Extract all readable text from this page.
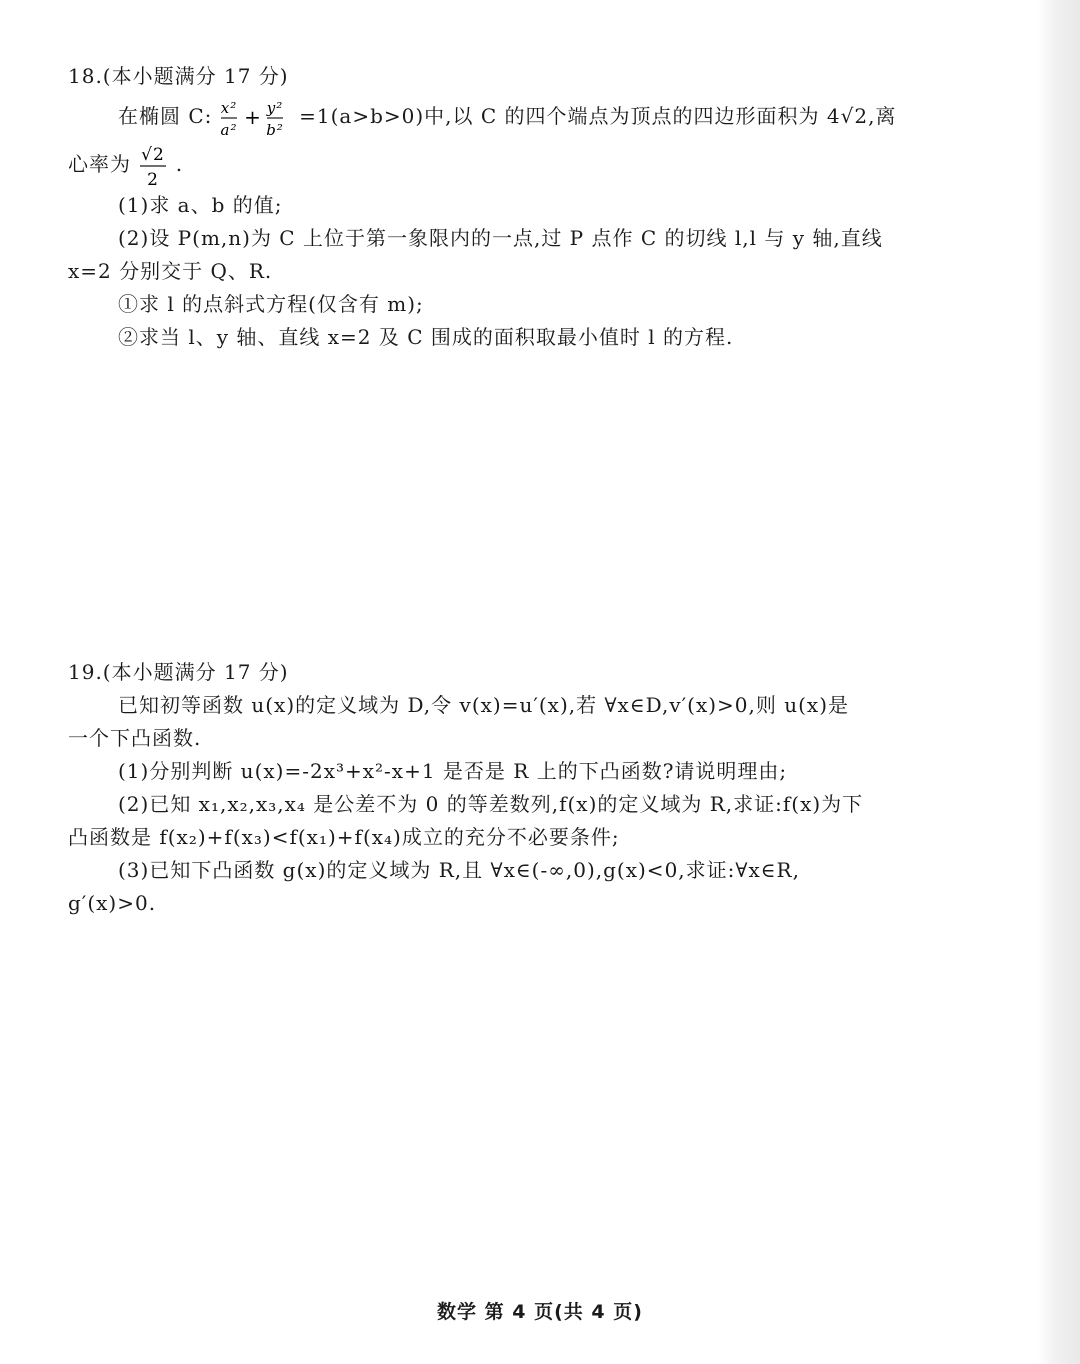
18.(本小题满分 17 分)
在椭圆 C: x²
a²
+ y²
b²
=1(a>b>0)中,以 C 的四个端点为顶点的四边形面积为 4√2,离
心率为 √2
2
.
(1)求 a、b 的值;
(2)设 P(m,n)为 C 上位于第一象限内的一点,过 P 点作 C 的切线 l,l 与 y 轴,直线
x=2 分别交于 Q、R.
①求 l 的点斜式方程(仅含有 m);
②求当 l、y 轴、直线 x=2 及 C 围成的面积取最小值时 l 的方程.
19.(本小题满分 17 分)
已知初等函数 u(x)的定义域为 D,令 v(x)=u′(x),若 ∀x∈D,v′(x)>0,则 u(x)是
一个下凸函数.
(1)分别判断 u(x)=-2x³+x²-x+1 是否是 R 上的下凸函数?请说明理由;
(2)已知 x₁,x₂,x₃,x₄ 是公差不为 0 的等差数列,f(x)的定义域为 R,求证:f(x)为下
凸函数是 f(x₂)+f(x₃)<f(x₁)+f(x₄)成立的充分不必要条件;
(3)已知下凸函数 g(x)的定义域为 R,且 ∀x∈(-∞,0),g(x)<0,求证:∀x∈R,
g′(x)>0.
数学 第 4 页(共 4 页)
